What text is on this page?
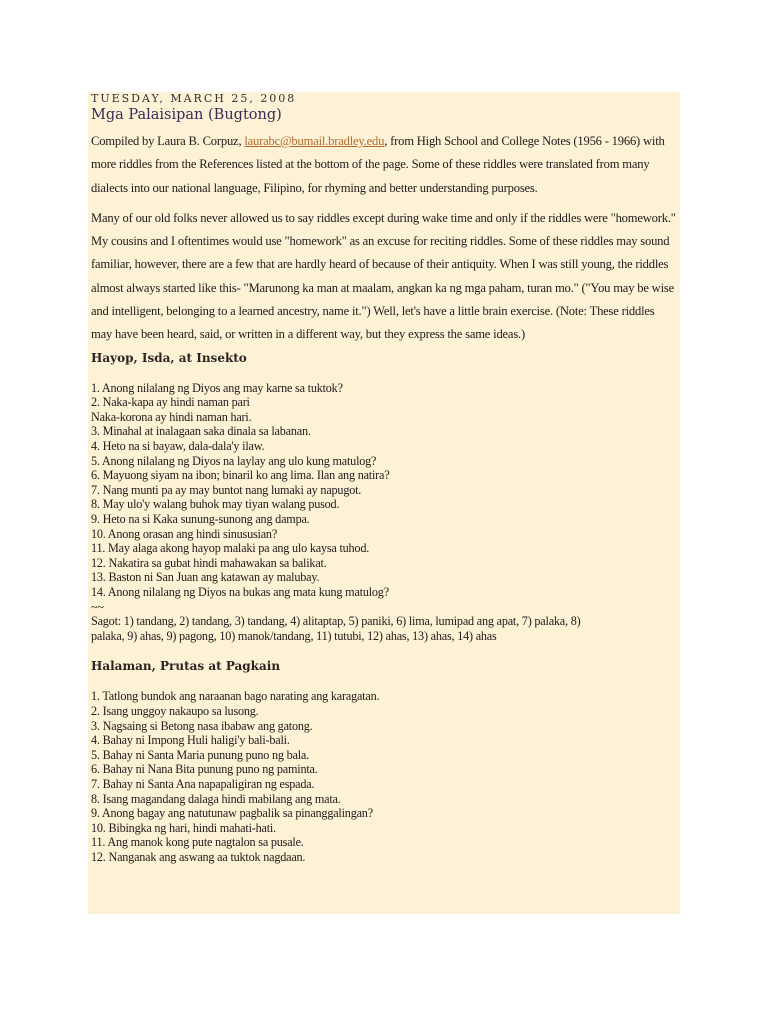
TUESDAY, MARCH 25, 2008

Mga Palaisipan (Bugtong)

Compiled by Laura B. Corpuz, laurabc@bumail.bradley.edu, from High School and College Notes (1956 - 1966) with more riddles from the References listed at the bottom of the page. Some of these riddles were translated from many dialects into our national language, Filipino, for rhyming and better understanding purposes.

Many of our old folks never allowed us to say riddles except during wake time and only if the riddles were "homework." My cousins and I oftentimes would use "homework" as an excuse for reciting riddles. Some of these riddles may sound familiar, however, there are a few that are hardly heard of because of their antiquity. When I was still young, the riddles almost always started like this- "Marunong ka man at maalam, angkan ka ng mga paham, turan mo." ("You may be wise and intelligent, belonging to a learned ancestry, name it.") Well, let's have a little brain exercise. (Note: These riddles may have been heard, said, or written in a different way, but they express the same ideas.)

Hayop, Isda, at Insekto
1. Anong nilalang ng Diyos ang may karne sa tuktok?
2. Naka-kapa ay hindi naman pari
Naka-korona ay hindi naman hari.
3. Minahal at inalagaan saka dinala sa labanan.
4. Heto na si bayaw, dala-dala'y ilaw.
5. Anong nilalang ng Diyos na laylay ang ulo kung matulog?
6. Mayuong siyam na ibon; binaril ko ang lima. Ilan ang natira?
7. Nang munti pa ay may buntot nang lumaki ay napugot.
8. May ulo'y walang buhok may tiyan walang pusod.
9. Heto na si Kaka sunung-sunong ang dampa.
10. Anong orasan ang hindi sinususian?
11. May alaga akong hayop malaki pa ang ulo kaysa tuhod.
12. Nakatira sa gubat hindi mahawakan sa balikat.
13. Baston ni San Juan ang katawan ay malubay.
14. Anong nilalang ng Diyos na bukas ang mata kung matulog?
~~
Sagot: 1) tandang, 2) tandang, 3) tandang, 4) alitaptap, 5) paniki, 6) lima, lumipad ang apat, 7) palaka, 8)
palaka, 9) ahas, 9) pagong, 10) manok/tandang, 11) tutubi, 12) ahas, 13) ahas, 14) ahas
Halaman, Prutas at Pagkain
1. Tatlong bundok ang naraanan bago narating ang karagatan.
2. Isang unggoy nakaupo sa lusong.
3. Nagsaing si Betong nasa ibabaw ang gatong.
4. Bahay ni Impong Huli haligi'y bali-bali.
5. Bahay ni Santa Maria punung puno ng bala.
6. Bahay ni Nana Bita punung puno ng paminta.
7. Bahay ni Santa Ana napapaligiran ng espada.
8. Isang magandang dalaga hindi mabilang ang mata.
9. Anong bagay ang natutunaw pagbalik sa pinanggalingan?
10. Bibingka ng hari, hindi mahati-hati.
11. Ang manok kong pute nagtalon sa pusale.
12. Nanganak ang aswang aa tuktok nagdaan.
